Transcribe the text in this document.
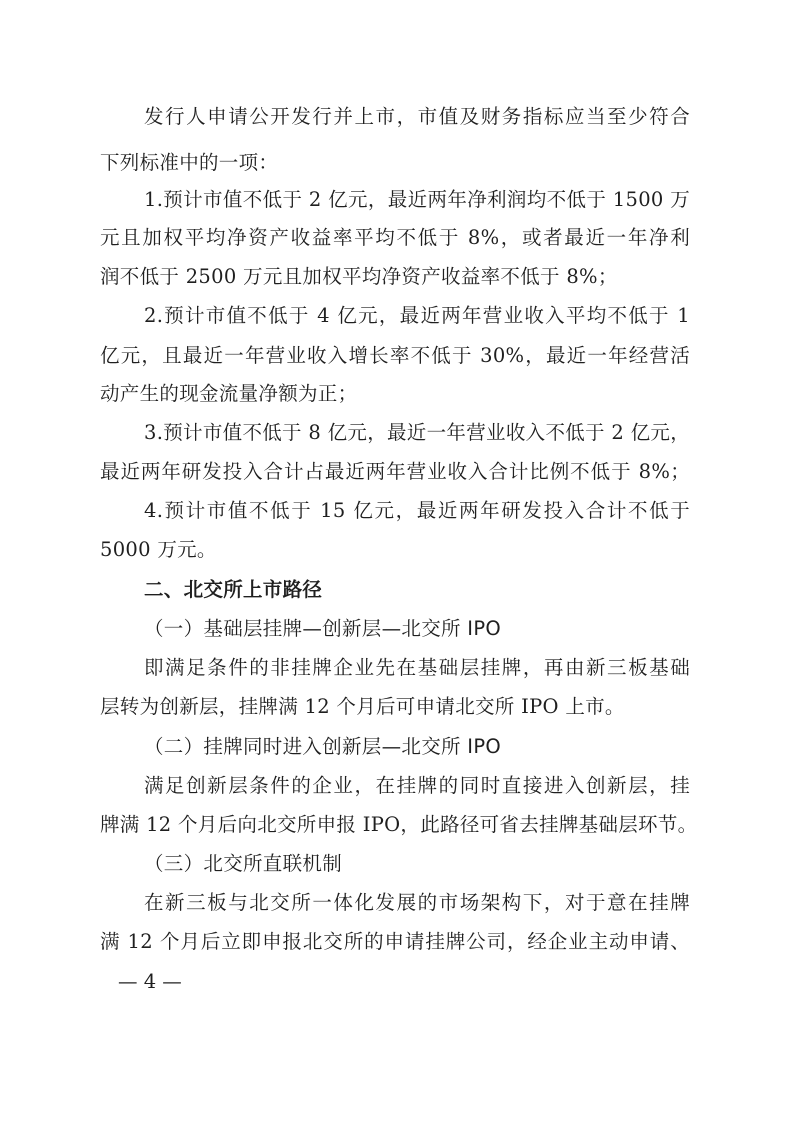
发行人申请公开发行并上市，市值及财务指标应当至少符合
下列标准中的一项：
1.预计市值不低于 2 亿元，最近两年净利润均不低于 1500 万
元且加权平均净资产收益率平均不低于 8%，或者最近一年净利
润不低于 2500 万元且加权平均净资产收益率不低于 8%；
2.预计市值不低于 4 亿元，最近两年营业收入平均不低于 1
亿元，且最近一年营业收入增长率不低于 30%，最近一年经营活
动产生的现金流量净额为正；
3.预计市值不低于 8 亿元，最近一年营业收入不低于 2 亿元，
最近两年研发投入合计占最近两年营业收入合计比例不低于 8%；
4.预计市值不低于 15 亿元，最近两年研发投入合计不低于
5000 万元。
二、北交所上市路径
（一）基础层挂牌—创新层—北交所 IPO
即满足条件的非挂牌企业先在基础层挂牌，再由新三板基础
层转为创新层，挂牌满 12 个月后可申请北交所 IPO 上市。
（二）挂牌同时进入创新层—北交所 IPO
满足创新层条件的企业，在挂牌的同时直接进入创新层，挂
牌满 12 个月后向北交所申报 IPO，此路径可省去挂牌基础层环节。
（三）北交所直联机制
在新三板与北交所一体化发展的市场架构下，对于意在挂牌
满 12 个月后立即申报北交所的申请挂牌公司，经企业主动申请、
— 4 —
